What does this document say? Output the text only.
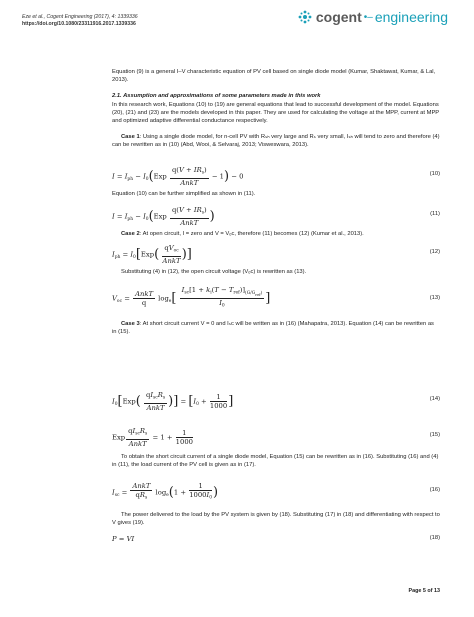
Eze et al., Cogent Engineering (2017), 4: 1339336
https://doi.org/10.1080/23311916.2017.1339336	cogent •– engineering

Equation (9) is a general I–V characteristic equation of PV cell based on single diode model (Kumar, Shaktawat, Kumar, & Lal, 2013).

2.1. Assumption and approximations of some parameters made in this work

In this research work, Equations (10) to (19) are general equations that lead to successful development of the model. Equations (20), (21) and (23) are the models developed in this paper. They are used for calculating the voltage at the MPP, current at MPP and optimized adaptive differential conductance respectively.

Case 1: Using a single diode model, for n-cell PV with Rₛₕ very large and Rₛ very small, Iₛₕ will tend to zero and therefore (4) can be rewritten as in (10) (Abd, Wooi, & Selvaraj, 2013; Visweswara, 2013).

$I = I_{ph} - I_0(Exp \frac{q(V + IR_s)}{\text{AnkT}} - 1) - 0$	(10)

Equation (10) can be further simplified as shown in (11).

$I = I_{ph} - I_0(Exp \frac{q(V + IR_s)}{\text{AnkT}}$ )	(11)

Case 2: At open circuit, I = zero and V = Vₒc, therefore (11) becomes (12) (Kumar et al., 2013).

$I_{ph} = I_0[Exp( \frac{qV_{oc}}{\text{AnkT}}$ )]	(12)

Substituting (4) in (12), the open circuit voltage (Vₒc) is rewritten as (13).

$V_{oc} = \frac{\text{AnkT}}{q} \log_e[ \frac{I_{sc}[1 + k_i(T - T_{ref})]_{(G/G_{ref})}}{I_0}$ ]	(13)

Case 3: At short circuit current V = 0 and Iₛc will be written as in (16) (Mahapatra, 2013). Equation (14) can be rewritten as in (15).

$I_0[Exp( \frac{qI_{sc}R_s}{\text{AnkT}}$ )] = [$I_0 + \frac{1}{1000}$ ]	(14)
Exp $\frac{qI_{sc}R_s}{\text{AnkT}} = 1 + \frac{1}{1000}$	(15)

To obtain the short circuit current of a single diode model, Equation (15) can be rewritten as in (16). Substituting (16) and (4) in (11), the load current of the PV cell is given as in (17).

$I_{sc} = \frac{\text{AnkT}}{qR_s} \log_e(1 + \frac{1}{1000I_0}$ )	(16)

The power delivered to the load by the PV system is given by (18). Substituting (17) in (18) and differentiating with respect to V gives (19).

P = VI	(18)
Page 5 of 13
